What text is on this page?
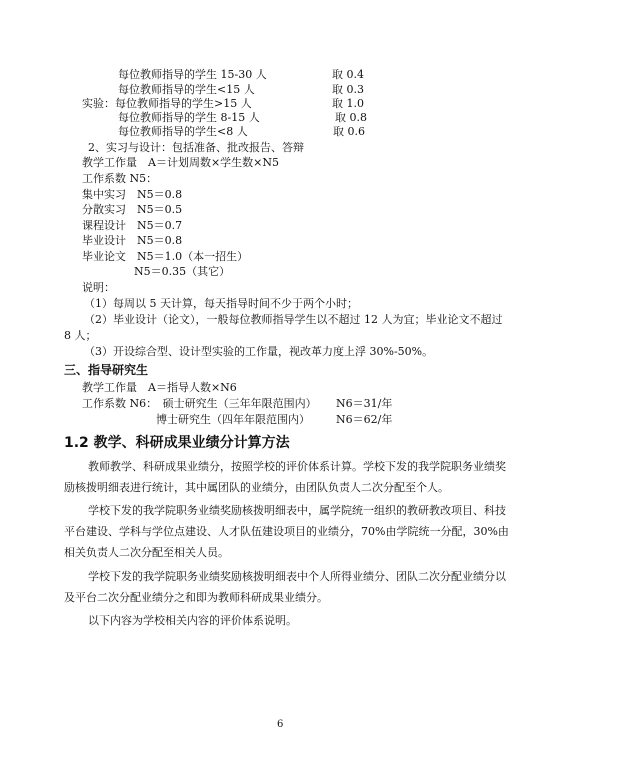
每位教师指导的学生 15-30 人	取 0.4
每位教师指导的学生<15 人	取 0.3
实验：每位教师指导的学生>15 人	取 1.0
每位教师指导的学生 8-15 人	取 0.8
每位教师指导的学生<8 人	取 0.6
2、实习与设计：包括准备、批改报告、答辩
教学工作量　A＝计划周数×学生数×N5
工作系数 N5：
集中实习　N5＝0.8
分散实习　N5＝0.5
课程设计　N5＝0.7
毕业设计　N5＝0.8
毕业论文　N5＝1.0（本一招生）
N5＝0.35（其它）
说明：
（1）每周以 5 天计算，每天指导时间不少于两个小时；
（2）毕业设计（论文），一般每位教师指导学生以不超过 12 人为宜；毕业论文不超过
8 人；
（3）开设综合型、设计型实验的工作量，视改革力度上浮 30%-50%。
三、指导研究生
教学工作量　A＝指导人数×N6
工作系数 N6：　硕士研究生（三年年限范围内） N6＝31/年
博士研究生（四年年限范围内） N6＝62/年
1.2 教学、科研成果业绩分计算方法
教师教学、科研成果业绩分，按照学校的评价体系计算。学校下发的我学院职务业绩奖励核拨明细表进行统计，其中属团队的业绩分，由团队负责人二次分配至个人。
学校下发的我学院职务业绩奖励核拨明细表中，属学院统一组织的教研教改项目、科技平台建设、学科与学位点建设、人才队伍建设项目的业绩分，70%由学院统一分配，30%由相关负责人二次分配至相关人员。
学校下发的我学院职务业绩奖励核拨明细表中个人所得业绩分、团队二次分配业绩分以及平台二次分配业绩分之和即为教师科研成果业绩分。
以下内容为学校相关内容的评价体系说明。
6
